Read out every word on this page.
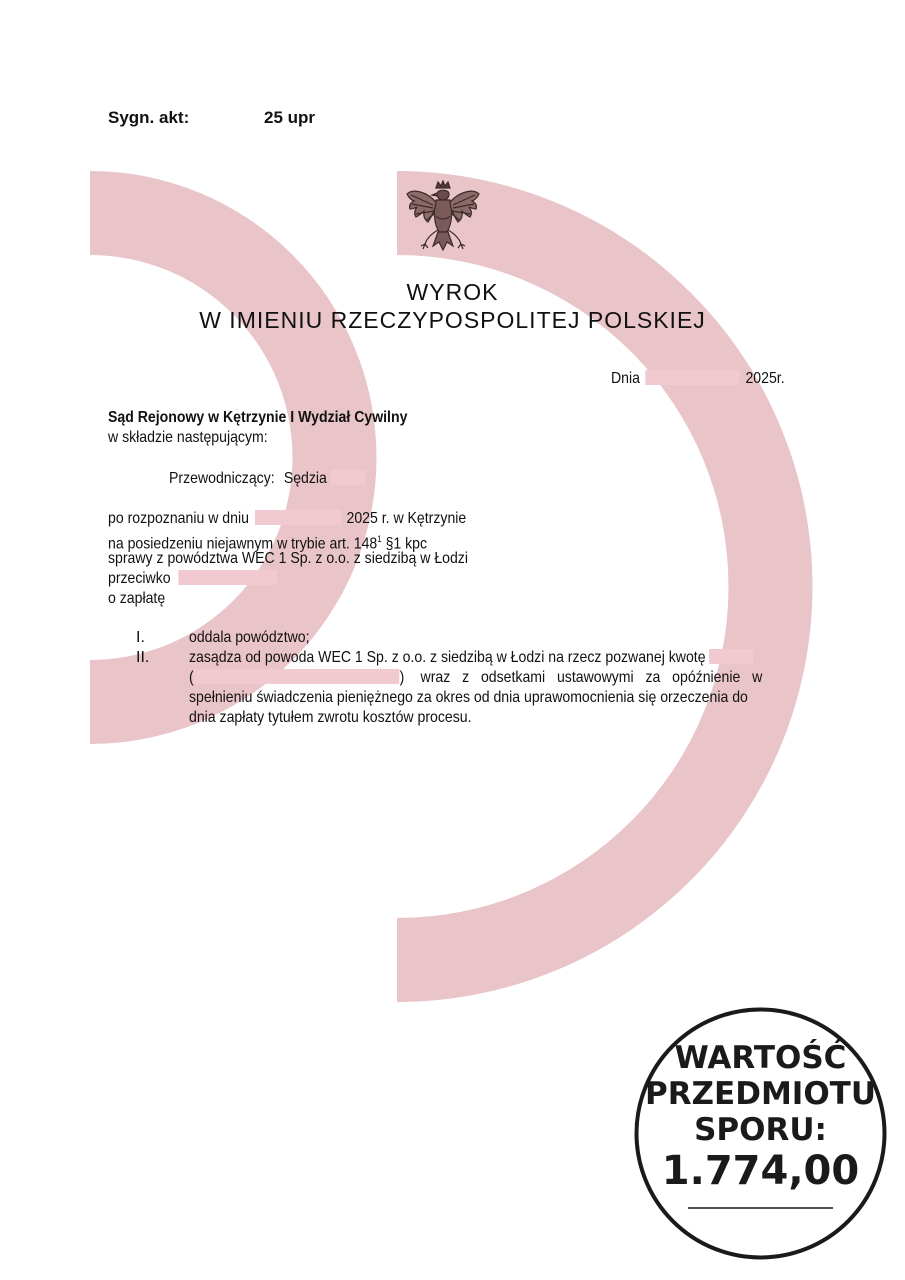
Sygn. akt:	25 upr
WYROK
W IMIENIU RZECZYPOSPOLITEJ POLSKIEJ
Dnia	2025r.
Sąd Rejonowy w Kętrzynie I Wydział Cywilny
w składzie następującym:
Przewodniczący: Sędzia
po rozpoznaniu w dniu	2025 r. w Kętrzynie
na posiedzeniu niejawnym w trybie art. $148^1$ §1 kpc
sprawy z powództwa WEC 1 Sp. z o.o. z siedzibą w Łodzi
przeciwko
o zapłatę
I.	oddala powództwo;
II. zasądza od powoda WEC 1 Sp. z o.o. z siedzibą w Łodzi na rzecz pozwanej kwotę
(	) wraz z odsetkami ustawowymi za opóźnienie w
spełnieniu świadczenia pieniężnego za okres od dnia uprawomocnienia się orzeczenia do
dnia zapłaty tytułem zwrotu kosztów procesu.
WARTOŚĆ
PRZEDMIOTU
SPORU:
1.774,00
